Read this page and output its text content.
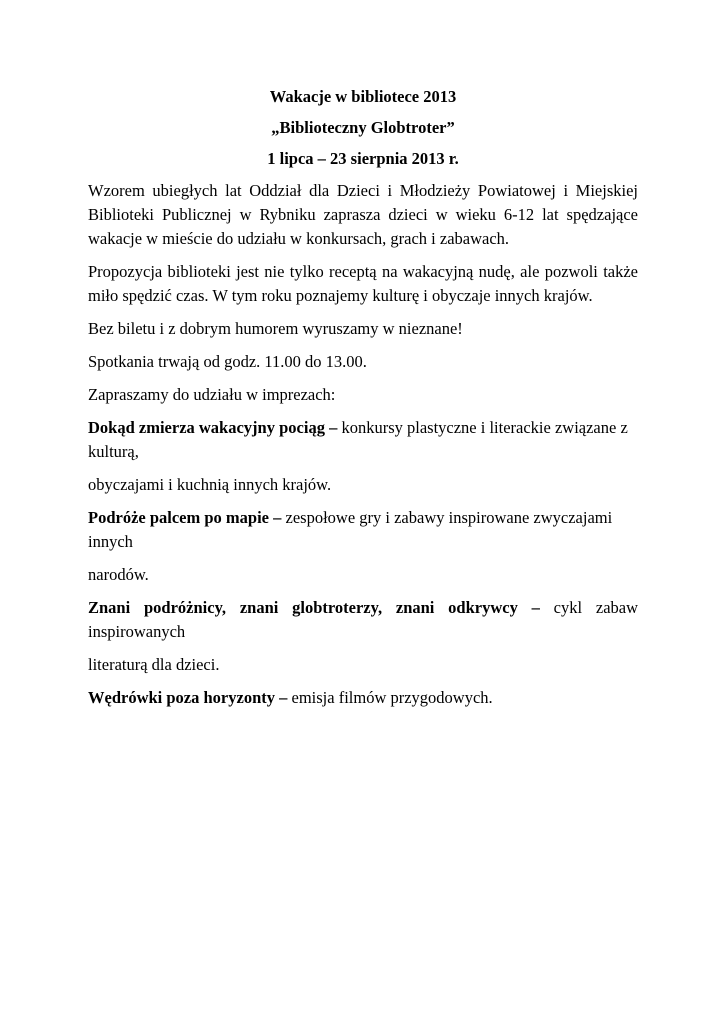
Wakacje w bibliotece 2013
„Biblioteczny Globtroter”
1 lipca – 23 sierpnia 2013 r.
Wzorem ubiegłych lat Oddział dla Dzieci i Młodzieży Powiatowej i Miejskiej Biblioteki Publicznej w Rybniku zaprasza dzieci w wieku 6-12 lat spędzające wakacje w mieście do udziału w konkursach, grach i zabawach.
Propozycja biblioteki jest nie tylko receptą na wakacyjną nudę, ale pozwoli także miło spędzić czas. W tym roku poznajemy kulturę i obyczaje innych krajów.
Bez biletu i z dobrym humorem wyruszamy w nieznane!
Spotkania trwają od godz. 11.00 do 13.00.
Zapraszamy do udziału w imprezach:
Dokąd zmierza wakacyjny pociąg – konkursy plastyczne i literackie związane z kulturą,
obyczajami i kuchnią innych krajów.
Podróże palcem po mapie – zespołowe gry i zabawy inspirowane zwyczajami innych
narodów.
Znani podróżnicy, znani globtroterzy, znani odkrywcy – cykl zabaw inspirowanych
literaturą dla dzieci.
Wędrówki poza horyzonty – emisja filmów przygodowych.
